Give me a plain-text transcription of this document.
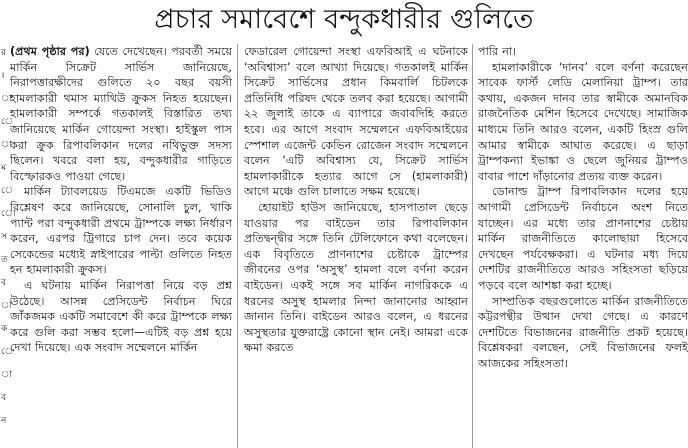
র
।
া
ে
া
ম
ে
ো
স
ত
ব
া
ক
ে
া
ব
ন
প্রচার সমাবেশে বন্দুকধারীর গুলিতে

(প্রথম পৃষ্ঠার পর) যেতে দেখেছেন। পরবর্তী সময়ে মার্কিন সিক্রেট সার্ভিস জানিয়েছে, নিরাপত্তারক্ষীদের গুলিতে ২০ বছর বয়সী হামলাকারী থমাস ম্যাথিউ ক্রুকস নিহত হয়েছেন। হামলাকারী সম্পর্কে গতকালই বিস্তারিত তথ্য জানিয়েছে মার্কিন গোয়েন্দা সংস্থা। হাইস্কুল পাস করা ক্রুক রিপাবলিকান দলের নথিভুক্ত সদস্য ছিলেন। খবরে বলা হয়, বন্দুকধারীর গাড়িতে বিস্ফোরকও পাওয়া গেছে।

মার্কিন ট্যাবলয়েড টিএমজে একটি ভিডিও বিশ্লেষণ করে জানিয়েছে, সোনালি চুল, খাকি প্যান্ট পরা বন্দুকধারী প্রথমে ট্রাম্পকে লক্ষ্য নির্ধারণ করেন, এরপর ট্রিগারে চাপ দেন। তবে কয়েক সেকেন্ডের মধ্যেই স্নাইপারের পাল্টা গুলিতে নিহত হন হামলাকারী ক্রুকস।

এ ঘটনায় মার্কিন নিরাপত্তা নিয়ে বড় প্রশ্ন উঠেছে। আসন্ন প্রেসিডেন্ট নির্বাচন ঘিরে জাঁকজমক একটি সমাবেশে কী করে ট্রাম্পকে লক্ষ্য করে গুলি করা সম্ভব হলো—এটিই বড় প্রশ্ন হয়ে দেখা দিয়েছে। এক সংবাদ সম্মেলনে মার্কিন

ফেডারেল গোয়েন্দা সংস্থা এফবিআই এ ঘটনাকে ‘অবিশ্বাস্য’ বলে আখ্যা দিয়েছে। গতকালই মার্কিন সিক্রেট সার্ভিসের প্রধান কিমবার্লি চিটলকে প্রতিনিধি পরিষদ থেকে তলব করা হয়েছে। আগামী ২২ জুলাই তাকে এ ব্যাপারে জবাবদিহি করতে হবে। এর আগে সংবাদ সম্মেলনে এফবিআইয়ের স্পেশাল এজেন্ট কেভিন রোজেন সংবাদ সম্মেলনে বলেন ‘এটি অবিশ্বাস্য যে, সিক্রেট সার্ভিস হামলাকারীকে হত্যার আগে সে (হামলাকারী) আগে মঞ্চে গুলি চালাতে সক্ষম হয়েছে।

হোয়াইট হাউস জানিয়েছে, হাসপাতাল ছেড়ে যাওয়ার পর বাইডেন তার রিপাবলিকান প্রতিদ্বন্দ্বীর সঙ্গে তিনি টেলিফোনে কথা বলেছেন। এক বিবৃতিতে প্রাণনাশের চেষ্টাকে ট্রাম্পের জীবনের ওপর ‘অসুস্থ’ হামলা বলে বর্ণনা করেন বাইডেন। একই সঙ্গে সব মার্কিন নাগরিককে এ ধরনের অসুস্থ হামলার নিন্দা জানানোর আহ্বান জানান তিনি। বাইডেন আরও বলেন, এ ধরনের অসুস্থতার যুক্তরাষ্ট্রে কোনো স্থান নেই। আমরা একে ক্ষমা করতে

পারি না।

হামলাকারীকে ‘দানব’ বলে বর্ণনা করেছেন সাবেক ফার্স্ট লেডি মেলানিয়া ট্রাম্প। তার কথায়, একজন দানব তার স্বামীকে অমানবিক রাজনৈতিক মেশিন হিসেবে দেখেছে। সামাজিক মাধ্যমে তিনি আরও বলেন, একটি হিংস্র গুলি আমার স্বামীকে আঘাত করেছে। এ ছাড়া ট্রাম্পকন্যা ইভাঙ্কা ও ছেলে জুনিয়র ট্রাম্পও বাবার পাশে দাঁড়ানোর প্রত্যয় ব্যক্ত করেন।

ডোনাল্ড ট্রাম্প রিপাবলিকান দলের হয়ে আগামী প্রেসিডেন্ট নির্বাচনে অংশ নিতে যাচ্ছেন। এর মধ্যে তার প্রাণনাশের চেষ্টায় মার্কিন রাজনীতিতে কালোছায়া হিসেবে দেখছেন পর্যবেক্ষকরা। এ ঘটনার মধ্য দিয়ে দেশটির রাজনীতিতে আরও সহিংসতা ছড়িয়ে পড়বে বলে আশঙ্কা করা হচ্ছে।

সাম্প্রতিক বছরগুলোতে মার্কিন রাজনীতিতে কট্টরপন্থীর উত্থান দেখা গেছে। এ কারণে দেশটিতে বিভাজনের রাজনীতি প্রকট হয়েছে। বিশ্লেষকরা বলছেন, সেই বিভাজনের ফলই আজকের সহিংসতা।
